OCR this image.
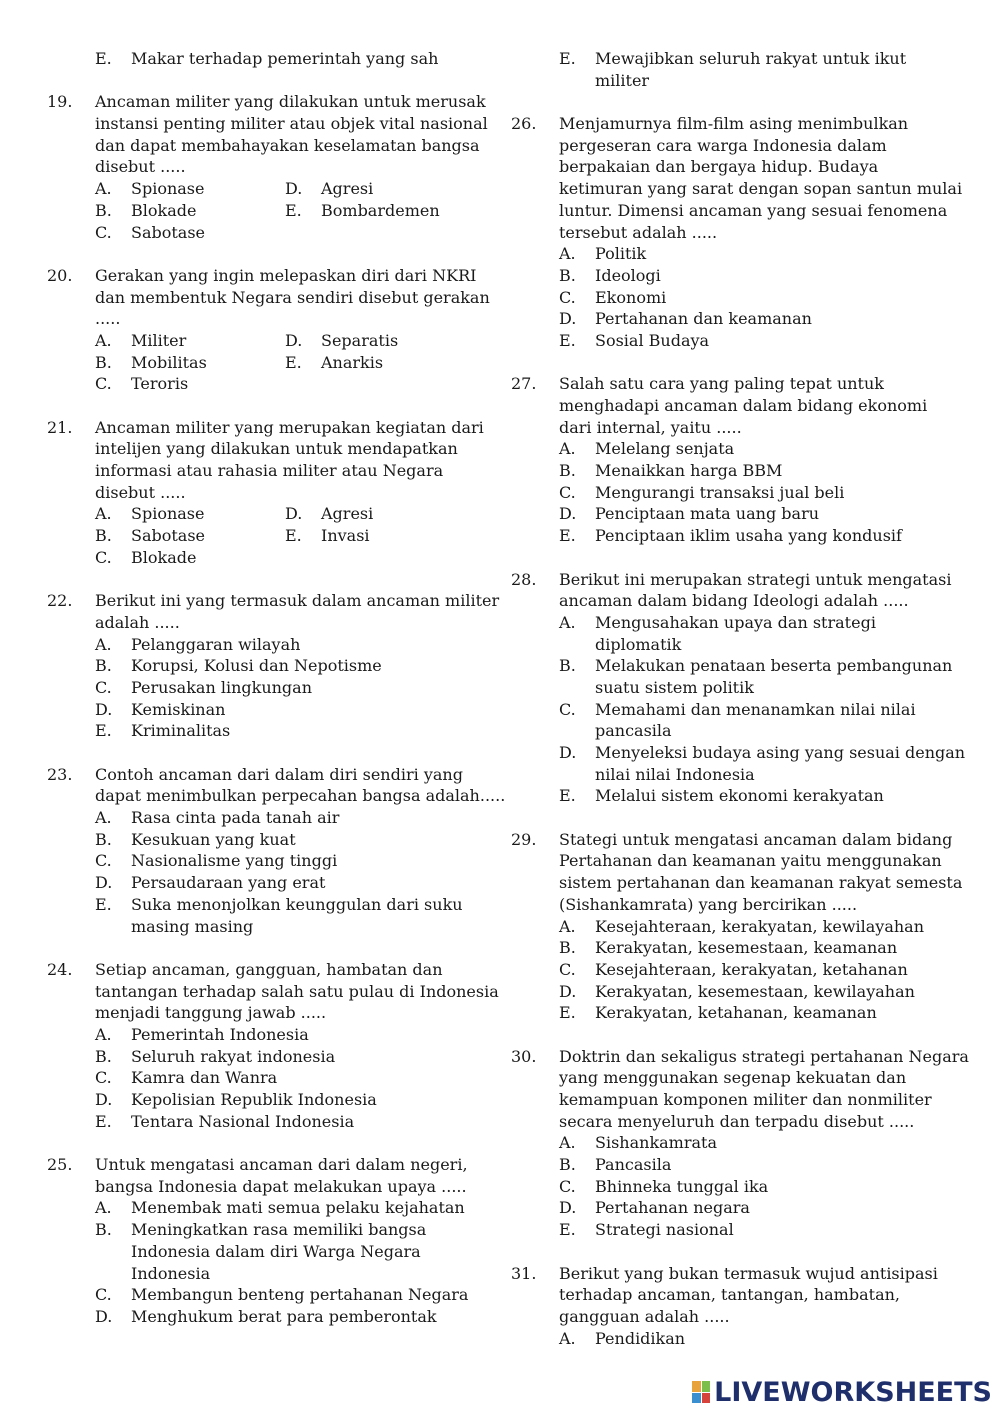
E. Makar terhadap pemerintah yang sah
19. Ancaman militer yang dilakukan untuk merusak
instansi penting militer atau objek vital nasional
dan dapat membahayakan keselamatan bangsa
disebut .....
A. Spionase	D. Agresi
B. Blokade	E. Bombardemen
C. Sabotase
20. Gerakan yang ingin melepaskan diri dari NKRI
dan membentuk Negara sendiri disebut gerakan
.....
A. Militer	D. Separatis
B. Mobilitas	E. Anarkis
C. Teroris
21. Ancaman militer yang merupakan kegiatan dari
intelijen yang dilakukan untuk mendapatkan
informasi atau rahasia militer atau Negara
disebut .....
A. Spionase	D. Agresi
B. Sabotase	E. Invasi
C. Blokade
22. Berikut ini yang termasuk dalam ancaman militer
adalah .....
A. Pelanggaran wilayah
B. Korupsi, Kolusi dan Nepotisme
C. Perusakan lingkungan
D. Kemiskinan
E. Kriminalitas
23. Contoh ancaman dari dalam diri sendiri yang
dapat menimbulkan perpecahan bangsa adalah.....
A. Rasa cinta pada tanah air
B. Kesukuan yang kuat
C. Nasionalisme yang tinggi
D. Persaudaraan yang erat
E. Suka menonjolkan keunggulan dari suku
masing masing
24. Setiap ancaman, gangguan, hambatan dan
tantangan terhadap salah satu pulau di Indonesia
menjadi tanggung jawab .....
A. Pemerintah Indonesia
B. Seluruh rakyat indonesia
C. Kamra dan Wanra
D. Kepolisian Republik Indonesia
E. Tentara Nasional Indonesia
25. Untuk mengatasi ancaman dari dalam negeri,
bangsa Indonesia dapat melakukan upaya .....
A. Menembak mati semua pelaku kejahatan
B. Meningkatkan rasa memiliki bangsa
Indonesia dalam diri Warga Negara
Indonesia
C. Membangun benteng pertahanan Negara
D. Menghukum berat para pemberontak
E. Mewajibkan seluruh rakyat untuk ikut
militer
26. Menjamurnya film-film asing menimbulkan
pergeseran cara warga Indonesia dalam
berpakaian dan bergaya hidup. Budaya
ketimuran yang sarat dengan sopan santun mulai
luntur. Dimensi ancaman yang sesuai fenomena
tersebut adalah .....
A. Politik
B. Ideologi
C. Ekonomi
D. Pertahanan dan keamanan
E. Sosial Budaya
27. Salah satu cara yang paling tepat untuk
menghadapi ancaman dalam bidang ekonomi
dari internal, yaitu .....
A. Melelang senjata
B. Menaikkan harga BBM
C. Mengurangi transaksi jual beli
D. Penciptaan mata uang baru
E. Penciptaan iklim usaha yang kondusif
28. Berikut ini merupakan strategi untuk mengatasi
ancaman dalam bidang Ideologi adalah .....
A. Mengusahakan upaya dan strategi
diplomatik
B. Melakukan penataan beserta pembangunan
suatu sistem politik
C. Memahami dan menanamkan nilai nilai
pancasila
D. Menyeleksi budaya asing yang sesuai dengan
nilai nilai Indonesia
E. Melalui sistem ekonomi kerakyatan
29. Stategi untuk mengatasi ancaman dalam bidang
Pertahanan dan keamanan yaitu menggunakan
sistem pertahanan dan keamanan rakyat semesta
(Sishankamrata) yang bercirikan .....
A. Kesejahteraan, kerakyatan, kewilayahan
B. Kerakyatan, kesemestaan, keamanan
C. Kesejahteraan, kerakyatan, ketahanan
D. Kerakyatan, kesemestaan, kewilayahan
E. Kerakyatan, ketahanan, keamanan
30. Doktrin dan sekaligus strategi pertahanan Negara
yang menggunakan segenap kekuatan dan
kemampuan komponen militer dan nonmiliter
secara menyeluruh dan terpadu disebut .....
A. Sishankamrata
B. Pancasila
C. Bhinneka tunggal ika
D. Pertahanan negara
E. Strategi nasional
31. Berikut yang bukan termasuk wujud antisipasi
terhadap ancaman, tantangan, hambatan,
gangguan adalah .....
A. Pendidikan
LIVEWORKSHEETS
